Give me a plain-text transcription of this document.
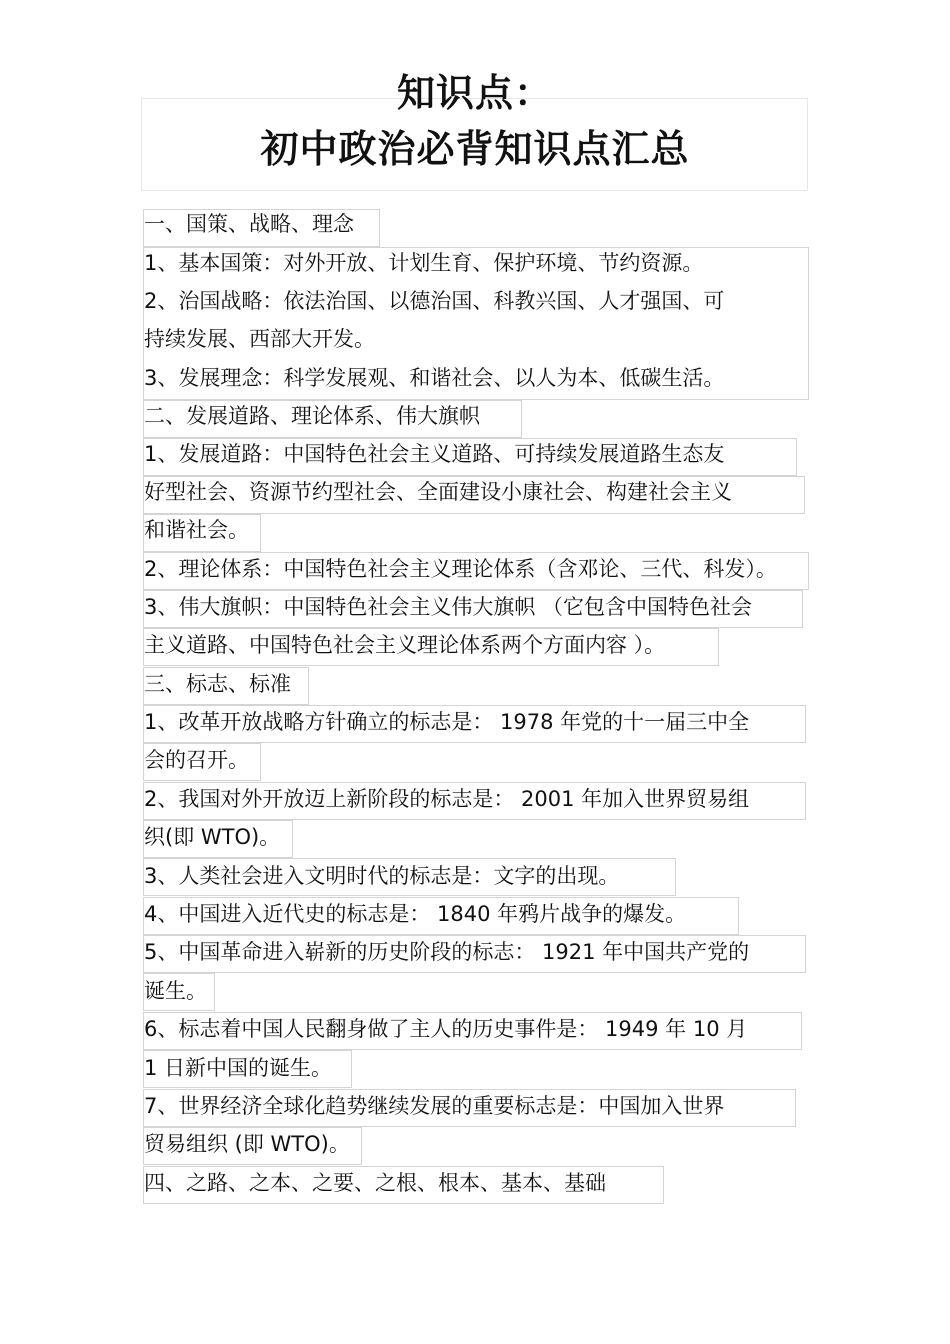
知识点：
初中政治必背知识点汇总
一、国策、战略、理念
1、基本国策：对外开放、计划生育、保护环境、节约资源。
2、治国战略：依法治国、以德治国、科教兴国、人才强国、可
持续发展、西部大开发。
3、发展理念：科学发展观、和谐社会、以人为本、低碳生活。
二、发展道路、理论体系、伟大旗帜
1、发展道路：中国特色社会主义道路、可持续发展道路生态友
好型社会、资源节约型社会、全面建设小康社会、构建社会主义
和谐社会。
2、理论体系：中国特色社会主义理论体系（含邓论、三代、科发）。
3、伟大旗帜：中国特色社会主义伟大旗帜 （它包含中国特色社会
主义道路、中国特色社会主义理论体系两个方面内容 ）。
三、标志、标准
1、改革开放战略方针确立的标志是： 1978 年党的十一届三中全
会的召开。
2、我国对外开放迈上新阶段的标志是： 2001 年加入世界贸易组
织(即 WTO)。
3、人类社会进入文明时代的标志是：文字的出现。
4、中国进入近代史的标志是： 1840 年鸦片战争的爆发。
5、中国革命进入崭新的历史阶段的标志： 1921 年中国共产党的
诞生。
6、标志着中国人民翻身做了主人的历史事件是： 1949 年 10 月
1 日新中国的诞生。
7、世界经济全球化趋势继续发展的重要标志是：中国加入世界
贸易组织 (即 WTO)。
四、之路、之本、之要、之根、根本、基本、基础
